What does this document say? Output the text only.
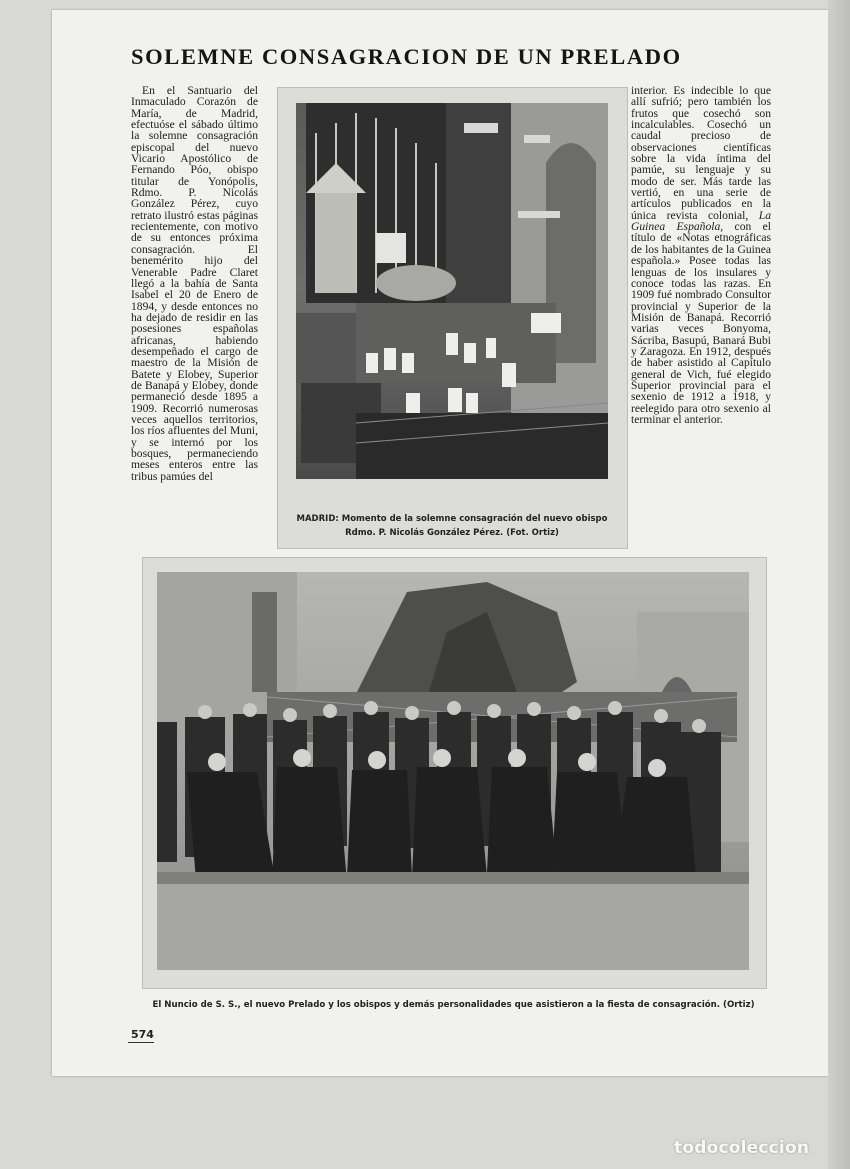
SOLEMNE CONSAGRACION DE UN PRELADO
En el Santuario del Inmaculado Corazón de María, de Madrid, efectuóse el sábado último la solemne consagración episcopal del nuevo Vicario Apostólico de Fernando Póo, obispo titular de Yonópolis, Rdmo. P. Nicolás González Pérez, cuyo retrato ilustró estas páginas recientemente, con motivo de su entonces próxima consagración. El benemérito hijo del Venerable Padre Claret llegó a la bahía de Santa Isabel el 20 de Enero de 1894, y desde entonces no ha dejado de residir en las posesiones españolas africanas, habiendo desempeñado el cargo de maestro de la Misión de Batete y Elobey, Superior de Banapá y Elobey, donde permaneció desde 1895 a 1909. Recorrió numerosas veces aquellos territorios, los ríos afluentes del Muni, y se internó por los bosques, permaneciendo meses enteros entre las tribus pamúes del
MADRID: Momento de la solemne consagración del nuevo obispo
Rdmo. P. Nicolás González Pérez. (Fot. Ortiz)
interior. Es indecible lo que allí sufrió; pero también los frutos que cosechó son incalculables. Cosechó un caudal precioso de observaciones científicas sobre la vida íntima del pamúe, su lenguaje y su modo de ser. Más tarde las vertió, en una serie de artículos publicados en la única revista colonial, La Guinea Española, con el título de «Notas etnográficas de los habitantes de la Guinea española.» Posee todas las lenguas de los insulares y conoce todas las razas. En 1909 fué nombrado Consultor provincial y Superior de la Misión de Banapá. Recorrió varias veces Bonyoma, Sácriba, Basupú, Banará Bubi y Zaragoza. En 1912, después de haber asistido al Capítulo general de Vich, fué elegido Superior provincial para el sexenio de 1912 a 1918, y reelegido para otro sexenio al terminar el anterior.
El Nuncio de S. S., el nuevo Prelado y los obispos y demás personalidades que asistieron a la fiesta de consagración. (Ortiz)
574
todocoleccion
